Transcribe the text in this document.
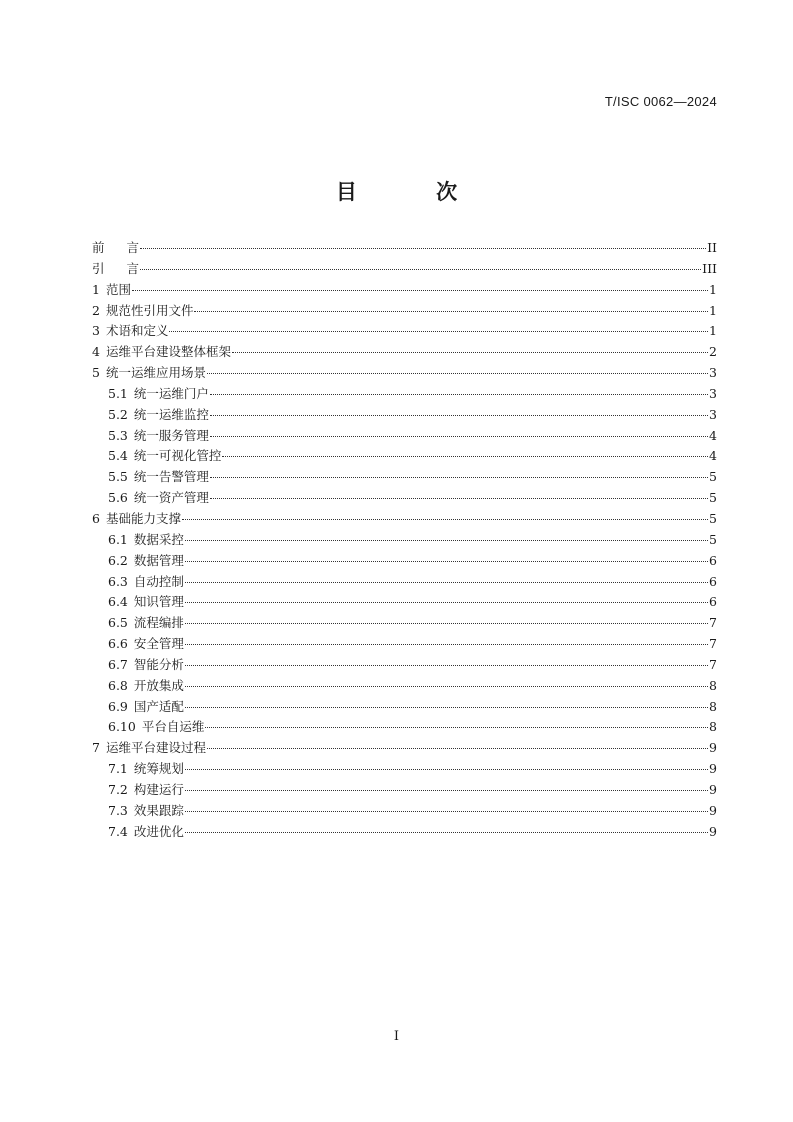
T/ISC 0062—2024
目 次
前 言	II
引 言	III
1 范围	1
2 规范性引用文件	1
3 术语和定义	1
4 运维平台建设整体框架	2
5 统一运维应用场景	3
5.1 统一运维门户	3
5.2 统一运维监控	3
5.3 统一服务管理	4
5.4 统一可视化管控	4
5.5 统一告警管理	5
5.6 统一资产管理	5
6 基础能力支撑	5
6.1 数据采控	5
6.2 数据管理	6
6.3 自动控制	6
6.4 知识管理	6
6.5 流程编排	7
6.6 安全管理	7
6.7 智能分析	7
6.8 开放集成	8
6.9 国产适配	8
6.10 平台自运维	8
7 运维平台建设过程	9
7.1 统筹规划	9
7.2 构建运行	9
7.3 效果跟踪	9
7.4 改进优化	9
I
